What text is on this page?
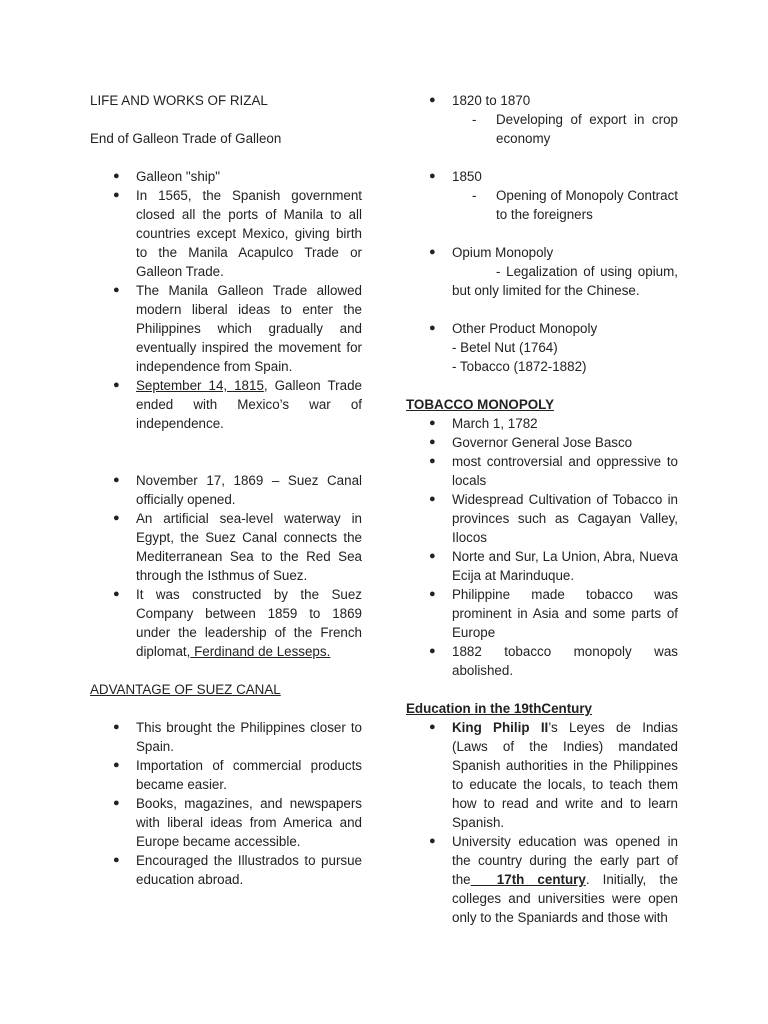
LIFE AND WORKS OF RIZAL

End of Galleon Trade of Galleon

● Galleon "ship"
● In 1565, the Spanish government closed all the ports of Manila to all countries except Mexico, giving birth to the Manila Acapulco Trade or Galleon Trade.
● The Manila Galleon Trade allowed modern liberal ideas to enter the Philippines which gradually and eventually inspired the movement for independence from Spain.
● September 14, 1815, Galleon Trade ended with Mexico’s war of independence.
● November 17, 1869 – Suez Canal officially opened.
● An artificial sea-level waterway in Egypt, the Suez Canal connects the Mediterranean Sea to the Red Sea through the Isthmus of Suez.
● It was constructed by the Suez Company between 1859 to 1869 under the leadership of the French diplomat, Ferdinand de Lesseps.

ADVANTAGE OF SUEZ CANAL

● This brought the Philippines closer to Spain.
● Importation of commercial products became easier.
● Books, magazines, and newspapers with liberal ideas from America and Europe became accessible.
● Encouraged the Illustrados to pursue education abroad.
● 1820 to 1870

- Developing of export in crop economy

● 1850

- Opening of Monopoly Contract to the foreigners

● Opium Monopoly

- Legalization of using opium, but only limited for the Chinese.

● Other Product Monopoly

- Betel Nut (1764)

- Tobacco (1872-1882)

TOBACCO MONOPOLY

● March 1, 1782
● Governor General Jose Basco
● most controversial and oppressive to locals
● Widespread Cultivation of Tobacco in provinces such as Cagayan Valley, Ilocos
● Norte and Sur, La Union, Abra, Nueva Ecija at Marinduque.
● Philippine made tobacco was prominent in Asia and some parts of Europe
● 1882 tobacco monopoly was abolished.

Education in the 19thCentury

● King Philip II’s Leyes de Indias (Laws of the Indies) mandated Spanish authorities in the Philippines to educate the locals, to teach them how to read and write and to learn Spanish.
● University education was opened in the country during the early part of the  17th century. Initially, the colleges and universities were open only to the Spaniards and those with
